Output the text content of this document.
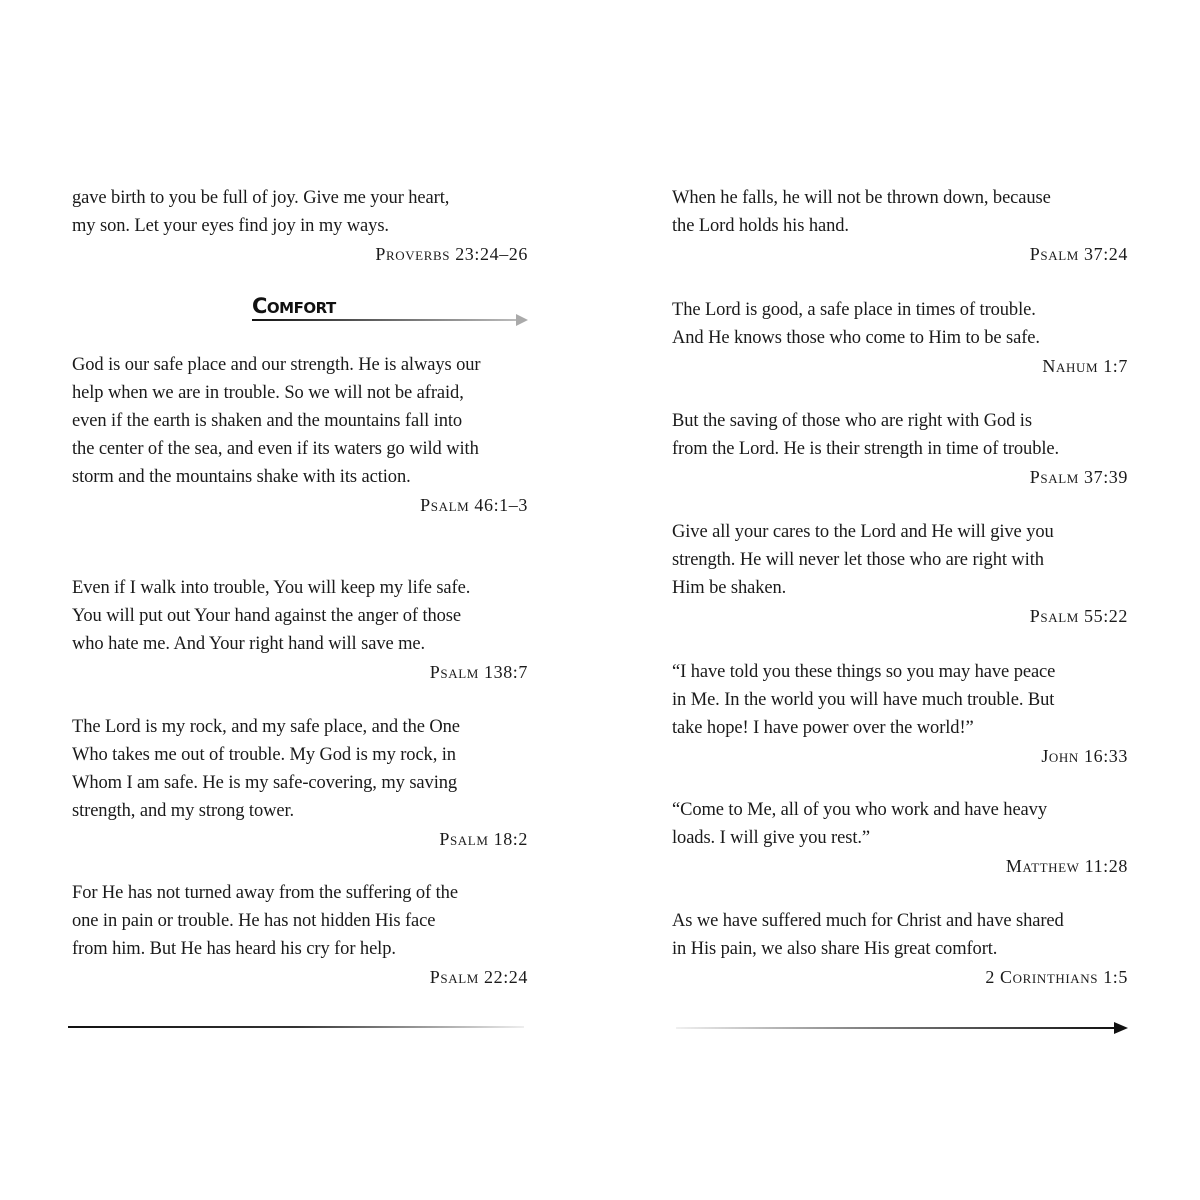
gave birth to you be full of joy. Give me your heart,
my son. Let your eyes find joy in my ways.
Proverbs 23:24–26
Comfort
God is our safe place and our strength. He is always our
help when we are in trouble. So we will not be afraid,
even if the earth is shaken and the mountains fall into
the center of the sea, and even if its waters go wild with
storm and the mountains shake with its action.
Psalm 46:1–3
Even if I walk into trouble, You will keep my life safe.
You will put out Your hand against the anger of those
who hate me. And Your right hand will save me.
Psalm 138:7
The Lord is my rock, and my safe place, and the One
Who takes me out of trouble. My God is my rock, in
Whom I am safe. He is my safe-covering, my saving
strength, and my strong tower.
Psalm 18:2
For He has not turned away from the suffering of the
one in pain or trouble. He has not hidden His face
from him. But He has heard his cry for help.
Psalm 22:24
When he falls, he will not be thrown down, because
the Lord holds his hand.
Psalm 37:24
The Lord is good, a safe place in times of trouble.
And He knows those who come to Him to be safe.
Nahum 1:7
But the saving of those who are right with God is
from the Lord. He is their strength in time of trouble.
Psalm 37:39
Give all your cares to the Lord and He will give you
strength. He will never let those who are right with
Him be shaken.
Psalm 55:22
“I have told you these things so you may have peace
in Me. In the world you will have much trouble. But
take hope! I have power over the world!”
John 16:33
“Come to Me, all of you who work and have heavy
loads. I will give you rest.”
Matthew 11:28
As we have suffered much for Christ and have shared
in His pain, we also share His great comfort.
2 Corinthians 1:5
